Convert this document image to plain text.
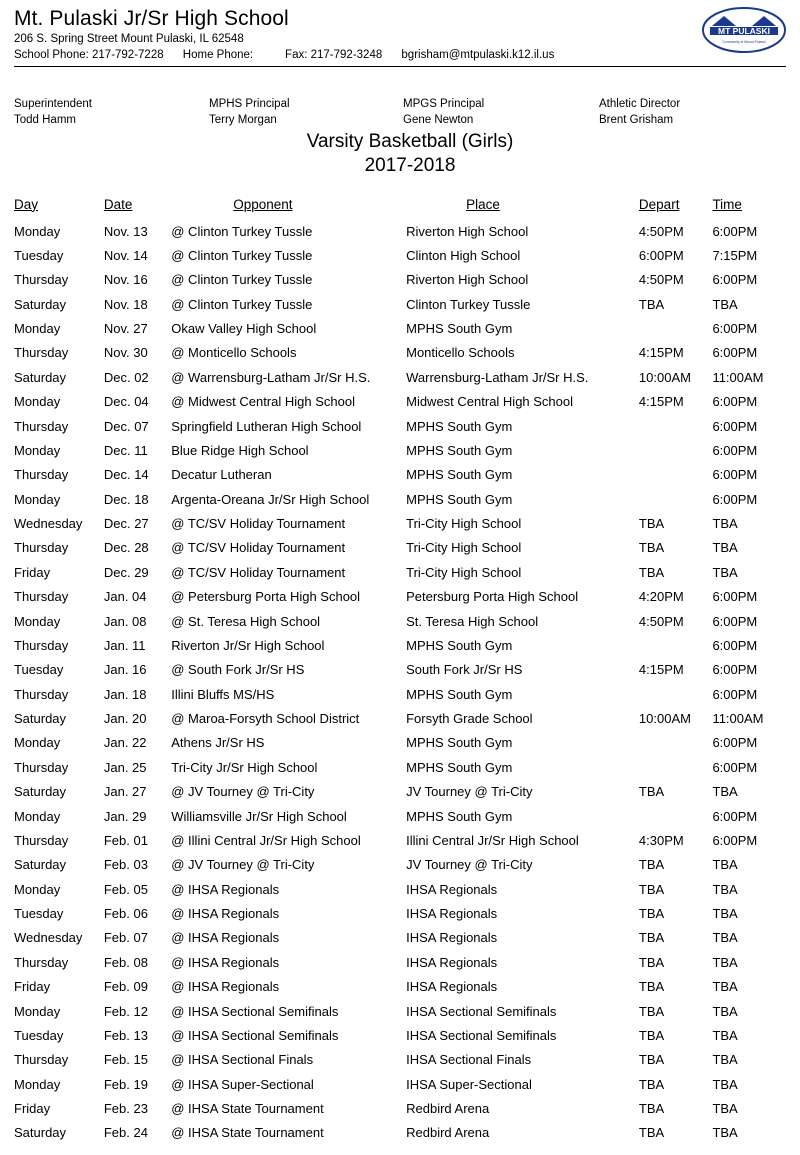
Mt. Pulaski Jr/Sr High School
206 S. Spring Street Mount Pulaski, IL 62548
School Phone: 217-792-7228      Home Phone:          Fax: 217-792-3248      bgrisham@mtpulaski.k12.il.us
MT PULASKI
Community of Mount Pulaski
Superintendent
Todd Hamm
MPHS Principal
Terry Morgan
MPGS Principal
Gene Newton
Athletic Director
Brent Grisham
Varsity Basketball (Girls)
2017-2018
Day	Date	Opponent	Place	Depart	Time
Monday	Nov. 13	@ Clinton Turkey Tussle	Riverton High School	4:50PM	6:00PM
Tuesday	Nov. 14	@ Clinton Turkey Tussle	Clinton High School	6:00PM	7:15PM
Thursday	Nov. 16	@ Clinton Turkey Tussle	Riverton High School	4:50PM	6:00PM
Saturday	Nov. 18	@ Clinton Turkey Tussle	Clinton Turkey Tussle	TBA	TBA
Monday	Nov. 27	Okaw Valley High School	MPHS South Gym		6:00PM
Thursday	Nov. 30	@ Monticello Schools	Monticello Schools	4:15PM	6:00PM
Saturday	Dec. 02	@ Warrensburg-Latham Jr/Sr H.S.	Warrensburg-Latham Jr/Sr H.S.	10:00AM	11:00AM
Monday	Dec. 04	@ Midwest Central High School	Midwest Central High School	4:15PM	6:00PM
Thursday	Dec. 07	Springfield Lutheran High School	MPHS South Gym		6:00PM
Monday	Dec. 11	Blue Ridge High School	MPHS South Gym		6:00PM
Thursday	Dec. 14	Decatur Lutheran	MPHS South Gym		6:00PM
Monday	Dec. 18	Argenta-Oreana Jr/Sr High School	MPHS South Gym		6:00PM
Wednesday	Dec. 27	@ TC/SV Holiday Tournament	Tri-City High School	TBA	TBA
Thursday	Dec. 28	@ TC/SV Holiday Tournament	Tri-City High School	TBA	TBA
Friday	Dec. 29	@ TC/SV Holiday Tournament	Tri-City High School	TBA	TBA
Thursday	Jan. 04	@ Petersburg Porta High School	Petersburg Porta High School	4:20PM	6:00PM
Monday	Jan. 08	@ St. Teresa High School	St. Teresa High School	4:50PM	6:00PM
Thursday	Jan. 11	Riverton Jr/Sr High School	MPHS South Gym		6:00PM
Tuesday	Jan. 16	@ South Fork Jr/Sr HS	South Fork Jr/Sr HS	4:15PM	6:00PM
Thursday	Jan. 18	Illini Bluffs MS/HS	MPHS South Gym		6:00PM
Saturday	Jan. 20	@ Maroa-Forsyth School District	Forsyth Grade School	10:00AM	11:00AM
Monday	Jan. 22	Athens Jr/Sr HS	MPHS South Gym		6:00PM
Thursday	Jan. 25	Tri-City Jr/Sr High School	MPHS South Gym		6:00PM
Saturday	Jan. 27	@ JV Tourney @ Tri-City	JV Tourney @ Tri-City	TBA	TBA
Monday	Jan. 29	Williamsville Jr/Sr High School	MPHS South Gym		6:00PM
Thursday	Feb. 01	@ Illini Central Jr/Sr High School	Illini Central Jr/Sr High School	4:30PM	6:00PM
Saturday	Feb. 03	@ JV Tourney @ Tri-City	JV Tourney @ Tri-City	TBA	TBA
Monday	Feb. 05	@ IHSA Regionals	IHSA Regionals	TBA	TBA
Tuesday	Feb. 06	@ IHSA Regionals	IHSA Regionals	TBA	TBA
Wednesday	Feb. 07	@ IHSA Regionals	IHSA Regionals	TBA	TBA
Thursday	Feb. 08	@ IHSA Regionals	IHSA Regionals	TBA	TBA
Friday	Feb. 09	@ IHSA Regionals	IHSA Regionals	TBA	TBA
Monday	Feb. 12	@ IHSA Sectional Semifinals	IHSA Sectional Semifinals	TBA	TBA
Tuesday	Feb. 13	@ IHSA Sectional Semifinals	IHSA Sectional Semifinals	TBA	TBA
Thursday	Feb. 15	@ IHSA Sectional Finals	IHSA Sectional Finals	TBA	TBA
Monday	Feb. 19	@ IHSA Super-Sectional	IHSA Super-Sectional	TBA	TBA
Friday	Feb. 23	@ IHSA State Tournament	Redbird Arena	TBA	TBA
Saturday	Feb. 24	@ IHSA State Tournament	Redbird Arena	TBA	TBA
